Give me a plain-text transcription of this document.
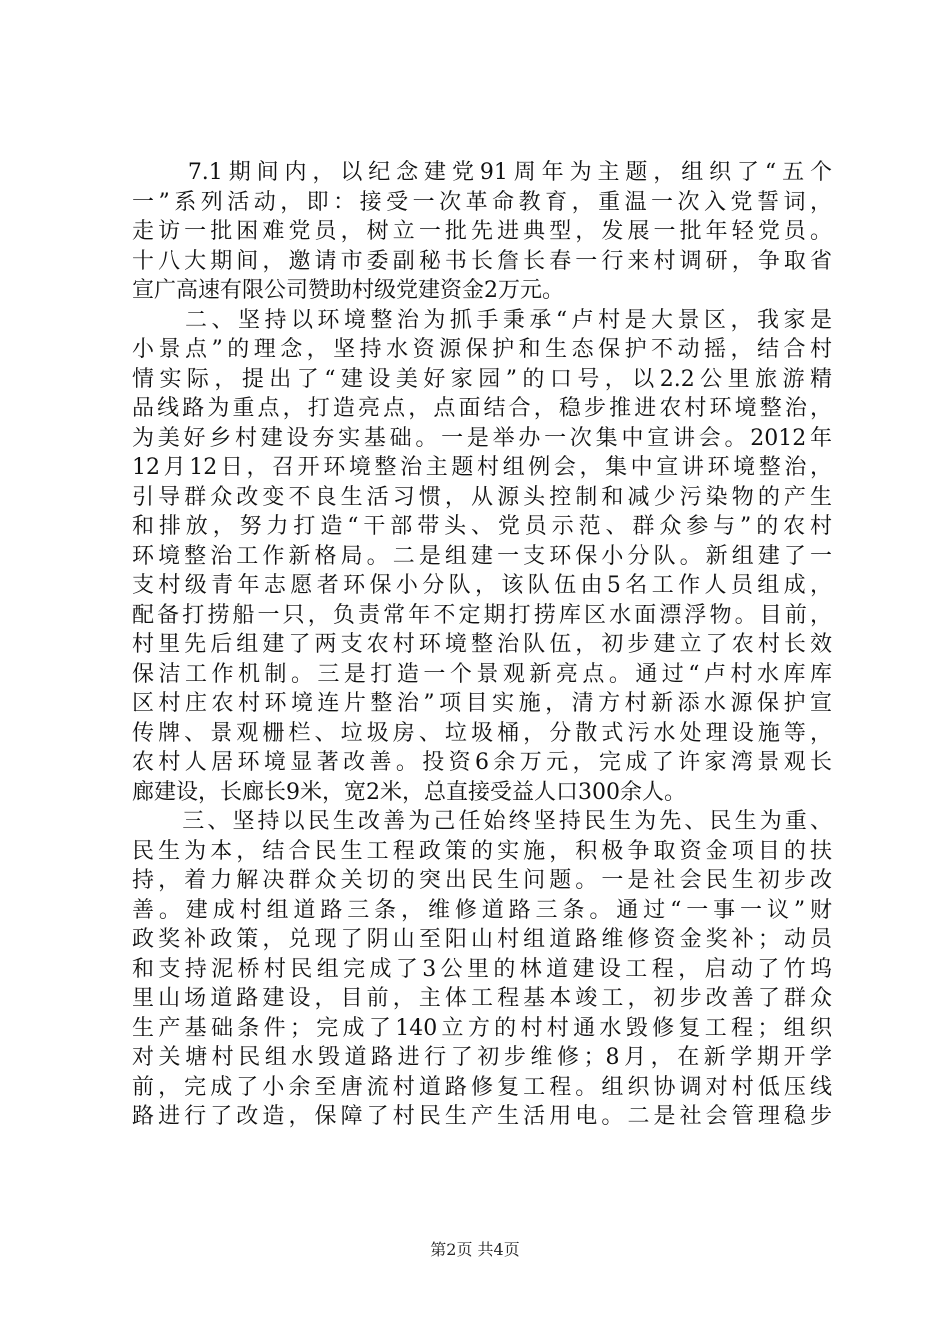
　　7.1期间内，以纪念建党91周年为主题，组织了“五个
一”系列活动，即：接受一次革命教育，重温一次入党誓词，
走访一批困难党员，树立一批先进典型，发展一批年轻党员。
十八大期间，邀请市委副秘书长詹长春一行来村调研，争取省
宣广高速有限公司赞助村级党建资金2万元。
　　二、坚持以环境整治为抓手秉承“卢村是大景区，我家是
小景点”的理念，坚持水资源保护和生态保护不动摇，结合村
情实际，提出了“建设美好家园”的口号，以2.2公里旅游精
品线路为重点，打造亮点，点面结合，稳步推进农村环境整治，
为美好乡村建设夯实基础。一是举办一次集中宣讲会。2012年
12月12日，召开环境整治主题村组例会，集中宣讲环境整治，
引导群众改变不良生活习惯，从源头控制和减少污染物的产生
和排放，努力打造“干部带头、党员示范、群众参与”的农村
环境整治工作新格局。二是组建一支环保小分队。新组建了一
支村级青年志愿者环保小分队，该队伍由5名工作人员组成，
配备打捞船一只，负责常年不定期打捞库区水面漂浮物。目前，
村里先后组建了两支农村环境整治队伍，初步建立了农村长效
保洁工作机制。三是打造一个景观新亮点。通过“卢村水库库
区村庄农村环境连片整治”项目实施，清方村新添水源保护宣
传牌、景观栅栏、垃圾房、垃圾桶，分散式污水处理设施等，
农村人居环境显著改善。投资6余万元，完成了许家湾景观长
廊建设，长廊长9米，宽2米，总直接受益人口300余人。
　　三、坚持以民生改善为己任始终坚持民生为先、民生为重、
民生为本，结合民生工程政策的实施，积极争取资金项目的扶
持，着力解决群众关切的突出民生问题。一是社会民生初步改
善。建成村组道路三条，维修道路三条。通过“一事一议”财
政奖补政策，兑现了阴山至阳山村组道路维修资金奖补；动员
和支持泥桥村民组完成了3公里的林道建设工程，启动了竹坞
里山场道路建设，目前，主体工程基本竣工，初步改善了群众
生产基础条件；完成了140立方的村村通水毁修复工程；组织
对关塘村民组水毁道路进行了初步维修；8月，在新学期开学
前，完成了小余至唐流村道路修复工程。组织协调对村低压线
路进行了改造，保障了村民生产生活用电。二是社会管理稳步
第2页 共4页
